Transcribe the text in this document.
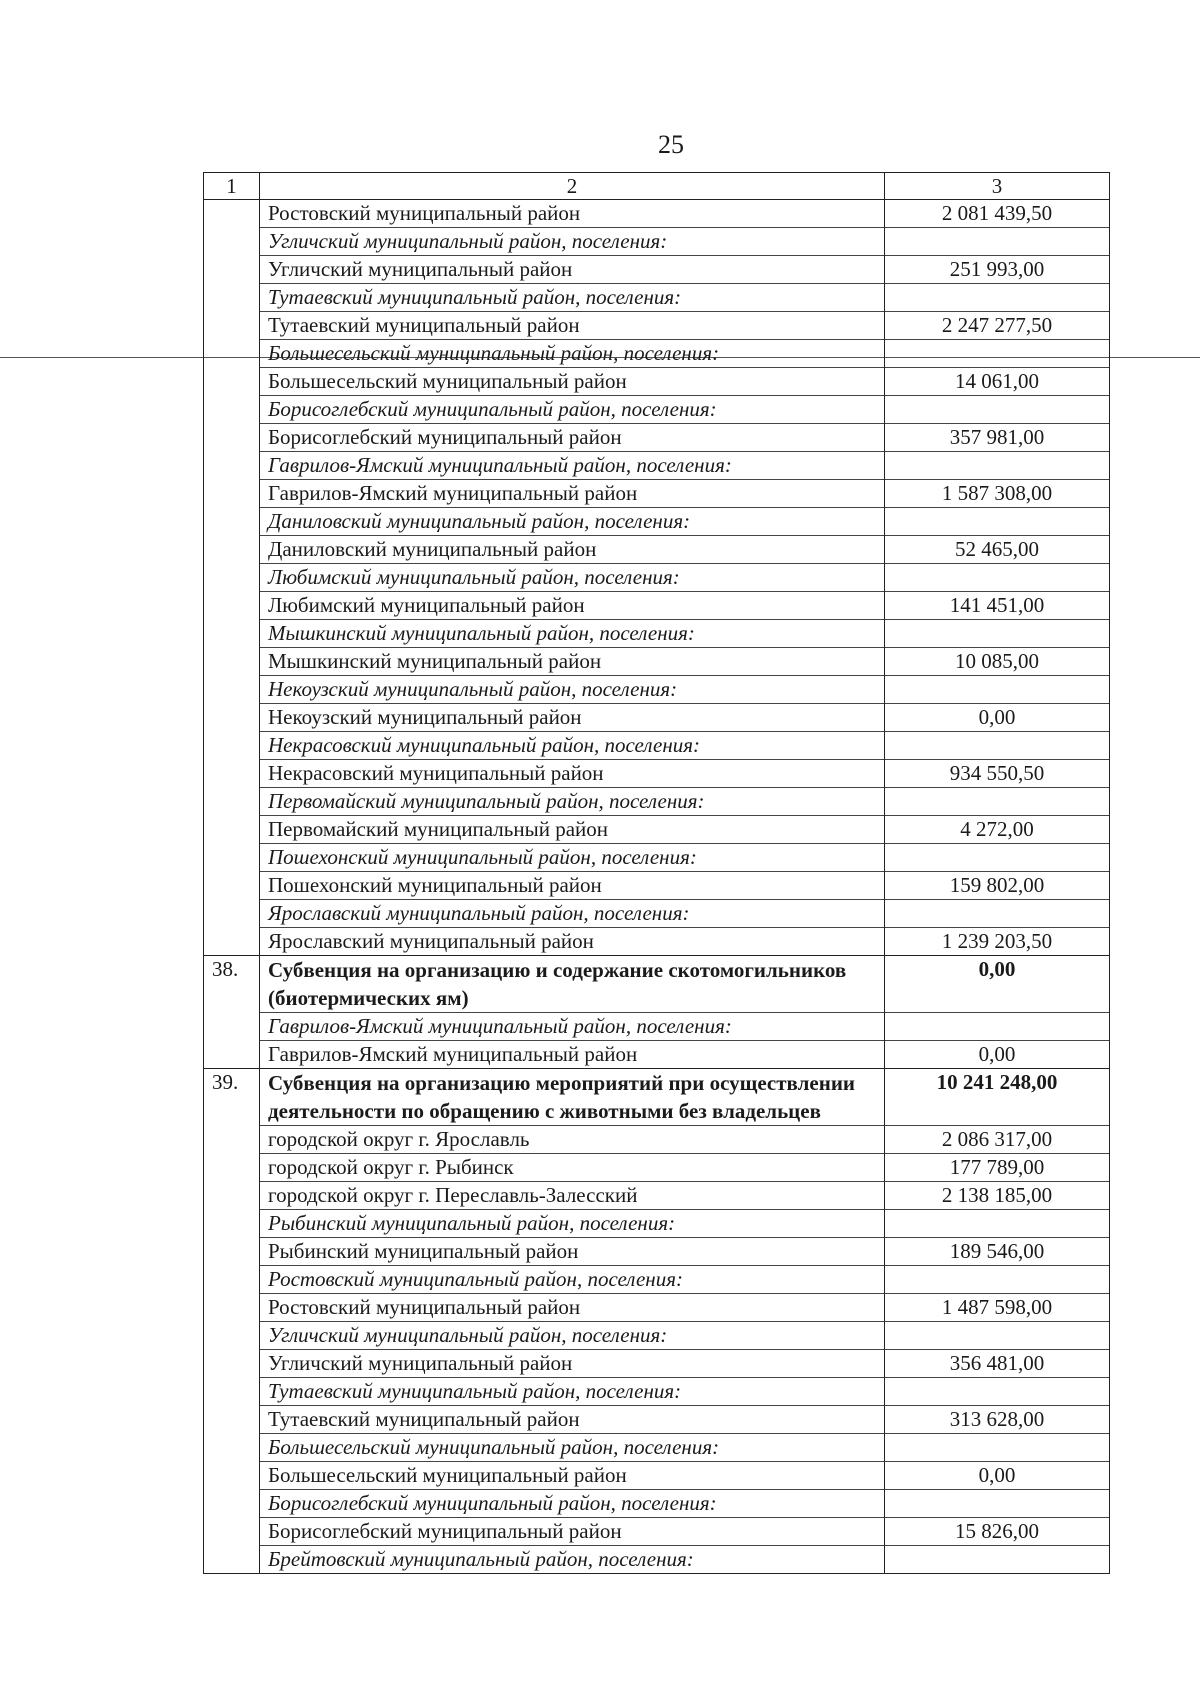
25
1	2	3
	Ростовский муниципальный район	2 081 439,50
	Угличский муниципальный район, поселения:	
	Угличский муниципальный район	251 993,00
	Тутаевский муниципальный район, поселения:	
	Тутаевский муниципальный район	2 247 277,50
	Большесельский муниципальный район, поселения:	
	Большесельский муниципальный район	14 061,00
	Борисоглебский муниципальный район, поселения:	
	Борисоглебский муниципальный район	357 981,00
	Гаврилов-Ямский муниципальный район, поселения:	
	Гаврилов-Ямский муниципальный район	1 587 308,00
	Даниловский муниципальный район, поселения:	
	Даниловский муниципальный район	52 465,00
	Любимский муниципальный район, поселения:	
	Любимский муниципальный район	141 451,00
	Мышкинский муниципальный район, поселения:	
	Мышкинский муниципальный район	10 085,00
	Некоузский муниципальный район, поселения:	
	Некоузский муниципальный район	0,00
	Некрасовский муниципальный район, поселения:	
	Некрасовский муниципальный район	934 550,50
	Первомайский муниципальный район, поселения:	
	Первомайский муниципальный район	4 272,00
	Пошехонский муниципальный район, поселения:	
	Пошехонский муниципальный район	159 802,00
	Ярославский муниципальный район, поселения:	
	Ярославский муниципальный район	1 239 203,50
38.	Субвенция на организацию и содержание скотомогильников (биотермических ям)	0,00
	Гаврилов-Ямский муниципальный район, поселения:	
	Гаврилов-Ямский муниципальный район	0,00
39.	Субвенция на организацию мероприятий при осуществлении деятельности по обращению с животными без владельцев	10 241 248,00
	городской округ г. Ярославль	2 086 317,00
	городской округ г. Рыбинск	177 789,00
	городской округ г. Переславль-Залесский	2 138 185,00
	Рыбинский муниципальный район, поселения:	
	Рыбинский муниципальный район	189 546,00
	Ростовский муниципальный район, поселения:	
	Ростовский муниципальный район	1 487 598,00
	Угличский муниципальный район, поселения:	
	Угличский муниципальный район	356 481,00
	Тутаевский муниципальный район, поселения:	
	Тутаевский муниципальный район	313 628,00
	Большесельский муниципальный район, поселения:	
	Большесельский муниципальный район	0,00
	Борисоглебский муниципальный район, поселения:	
	Борисоглебский муниципальный район	15 826,00
	Брейтовский муниципальный район, поселения:	
